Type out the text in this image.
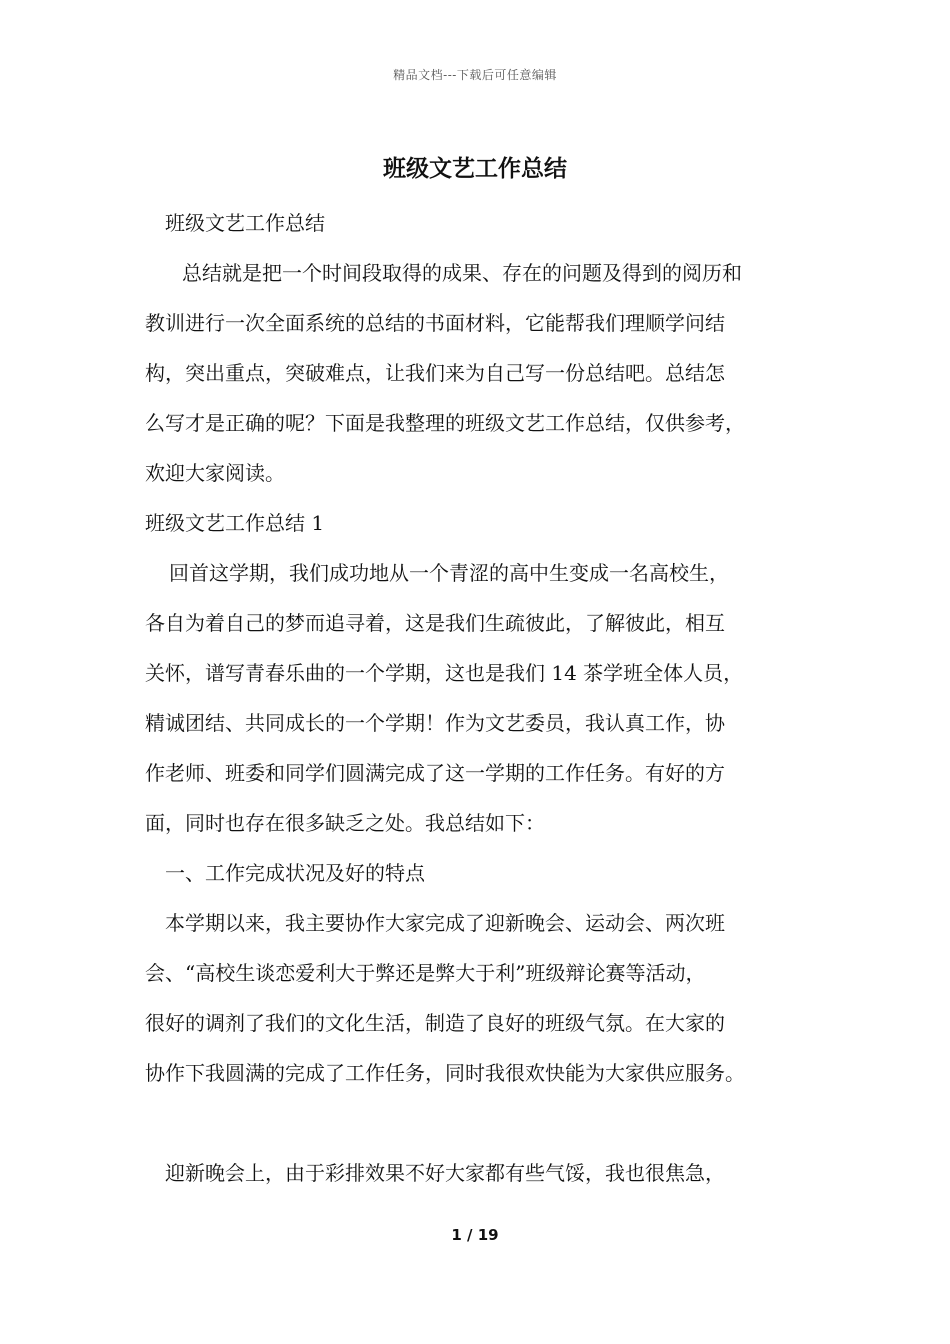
精品文档---下载后可任意编辑
班级文艺工作总结
班级文艺工作总结
总结就是把一个时间段取得的成果、存在的问题及得到的阅历和
教训进行一次全面系统的总结的书面材料，它能帮我们理顺学问结
构，突出重点，突破难点，让我们来为自己写一份总结吧。总结怎
么写才是正确的呢？下面是我整理的班级文艺工作总结，仅供参考，
欢迎大家阅读。
班级文艺工作总结 1
回首这学期，我们成功地从一个青涩的高中生变成一名高校生，
各自为着自己的梦而追寻着，这是我们生疏彼此，了解彼此，相互
关怀，谱写青春乐曲的一个学期，这也是我们 14 茶学班全体人员，
精诚团结、共同成长的一个学期！作为文艺委员，我认真工作，协
作老师、班委和同学们圆满完成了这一学期的工作任务。有好的方
面，同时也存在很多缺乏之处。我总结如下：
一、工作完成状况及好的特点
本学期以来，我主要协作大家完成了迎新晚会、运动会、两次班
会、“高校生谈恋爱利大于弊还是弊大于利”班级辩论赛等活动，
很好的调剂了我们的文化生活，制造了良好的班级气氛。在大家的
协作下我圆满的完成了工作任务，同时我很欢快能为大家供应服务。
迎新晚会上，由于彩排效果不好大家都有些气馁，我也很焦急，
1 / 19
